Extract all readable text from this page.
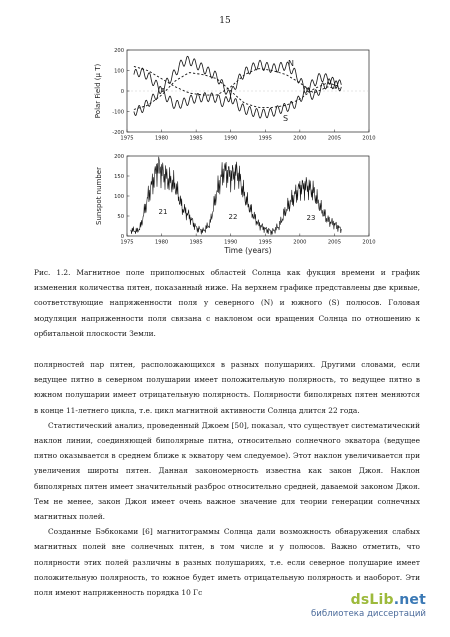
15
200
100
0
-100
-200
1975	1980	1985	1990	1995	2000	2005	2010
Polar Field (µ T)
N
S
200
150
100
50
0
1975	1980	1985	1990	1995	2000	2005	2010
Sunspot number
Time (years)
21
22	23

Рис. 1.2. Магнитное поле приполюсных областей Солнца как фукция времени и график изменения количества пятен, показанный ниже. На верхнем графике представлены две кривые, соответствующие напряженности поля у северного (N) и южного (S) полюсов. Головая модуляция напряженности поля связана с наклоном оси вращения Солнца по отношению к орбитальной плоскости Земли.

полярностей пар пятен, расположающихся в разных полушариях. Другими словами, если ведущее пятно в северном полушарии имеет положительную полярность, то ведущее пятно в южном полушарии имеет отрицательную полярность. Полярности биполярных пятен меняются в конце 11-летнего цикла, т.е. цикл магнитной активности Солнца длится 22 года.

Статистический анализ, проведенный Джоем [50], показал, что существует систематический наклон линии, соединяющей биполярные пятна, относительно солнечного экватора (ведущее пятно оказывается в среднем ближе к экватору чем следуемое). Этот наклон увеличивается при увеличения широты пятен. Данная закономерность известна как закон Джоя. Наклон биполярных пятен имеет значительный разброс относительно средней, даваемой законом Джоя. Тем не менее, закон Джоя имеет очень важное значение для теории генерации солнечных магнитных полей.

Созданные Бэбкоками [6] магнитограммы Солнца дали возможность обнаружения слабых магнитных полей вне солнечных пятен, в том числе и у полюсов. Важно отметить, что полярности этих полей различны в разных полушариях, т.е. если северное полушарие имеет положительную полярность, то южное будет иметь отрицательную полярность и наоборот. Эти поля имеют напряженность порядка 10 Гс	dsLib.net
библиотека диссертаций
